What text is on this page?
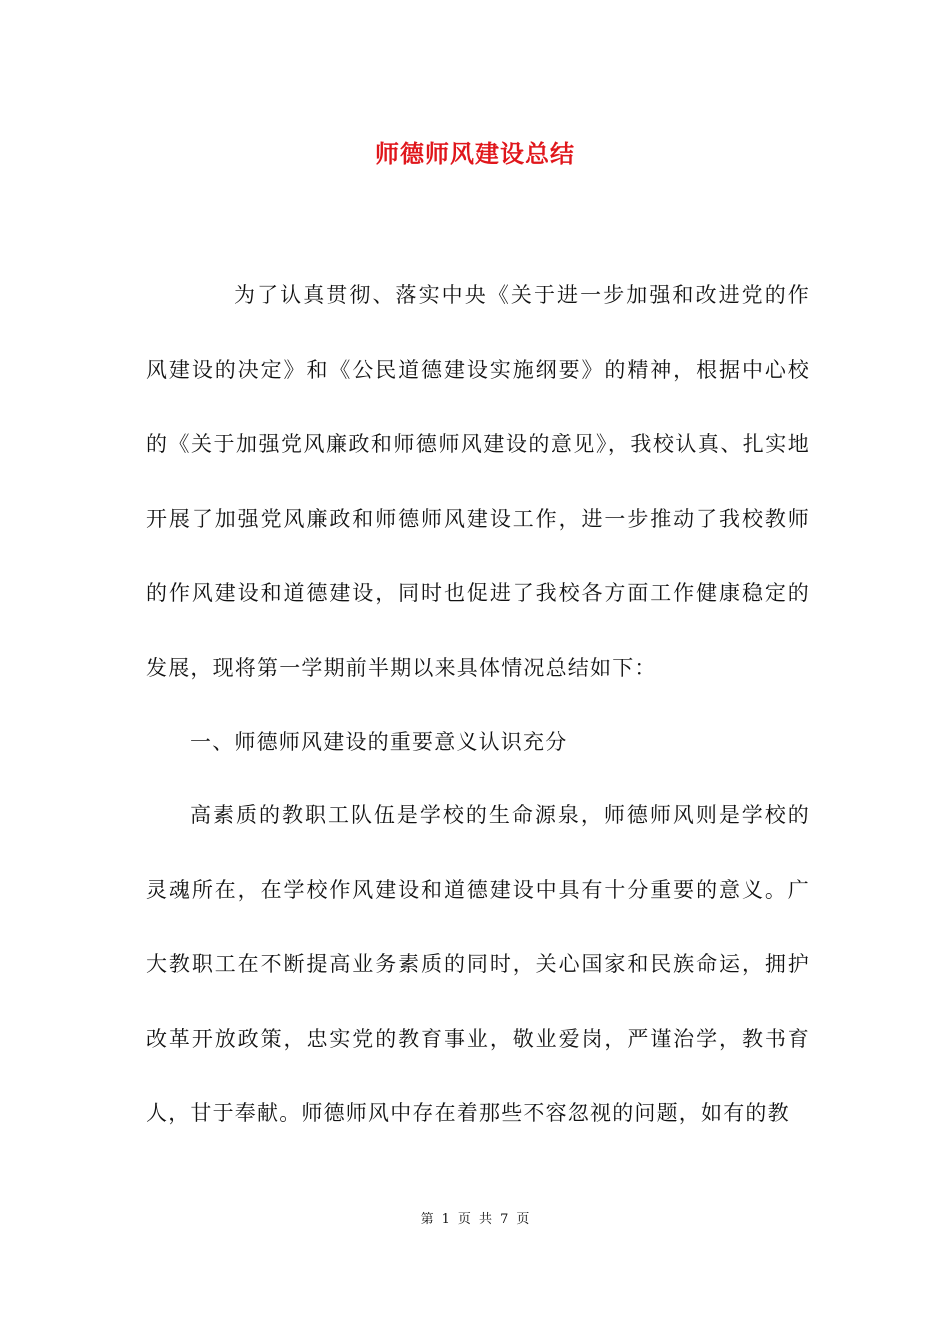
师德师风建设总结
为了认真贯彻、落实中央《关于进一步加强和改进党的作风建设的决定》和《公民道德建设实施纲要》的精神，根据中心校的《关于加强党风廉政和师德师风建设的意见》，我校认真、扎实地开展了加强党风廉政和师德师风建设工作，进一步推动了我校教师的作风建设和道德建设，同时也促进了我校各方面工作健康稳定的发展，现将第一学期前半期以来具体情况总结如下：
一、师德师风建设的重要意义认识充分
高素质的教职工队伍是学校的生命源泉，师德师风则是学校的灵魂所在，在学校作风建设和道德建设中具有十分重要的意义。广大教职工在不断提高业务素质的同时，关心国家和民族命运，拥护改革开放政策，忠实党的教育事业，敬业爱岗，严谨治学，教书育人，甘于奉献。师德师风中存在着那些不容忽视的问题，如有的教
第 1 页 共 7 页
